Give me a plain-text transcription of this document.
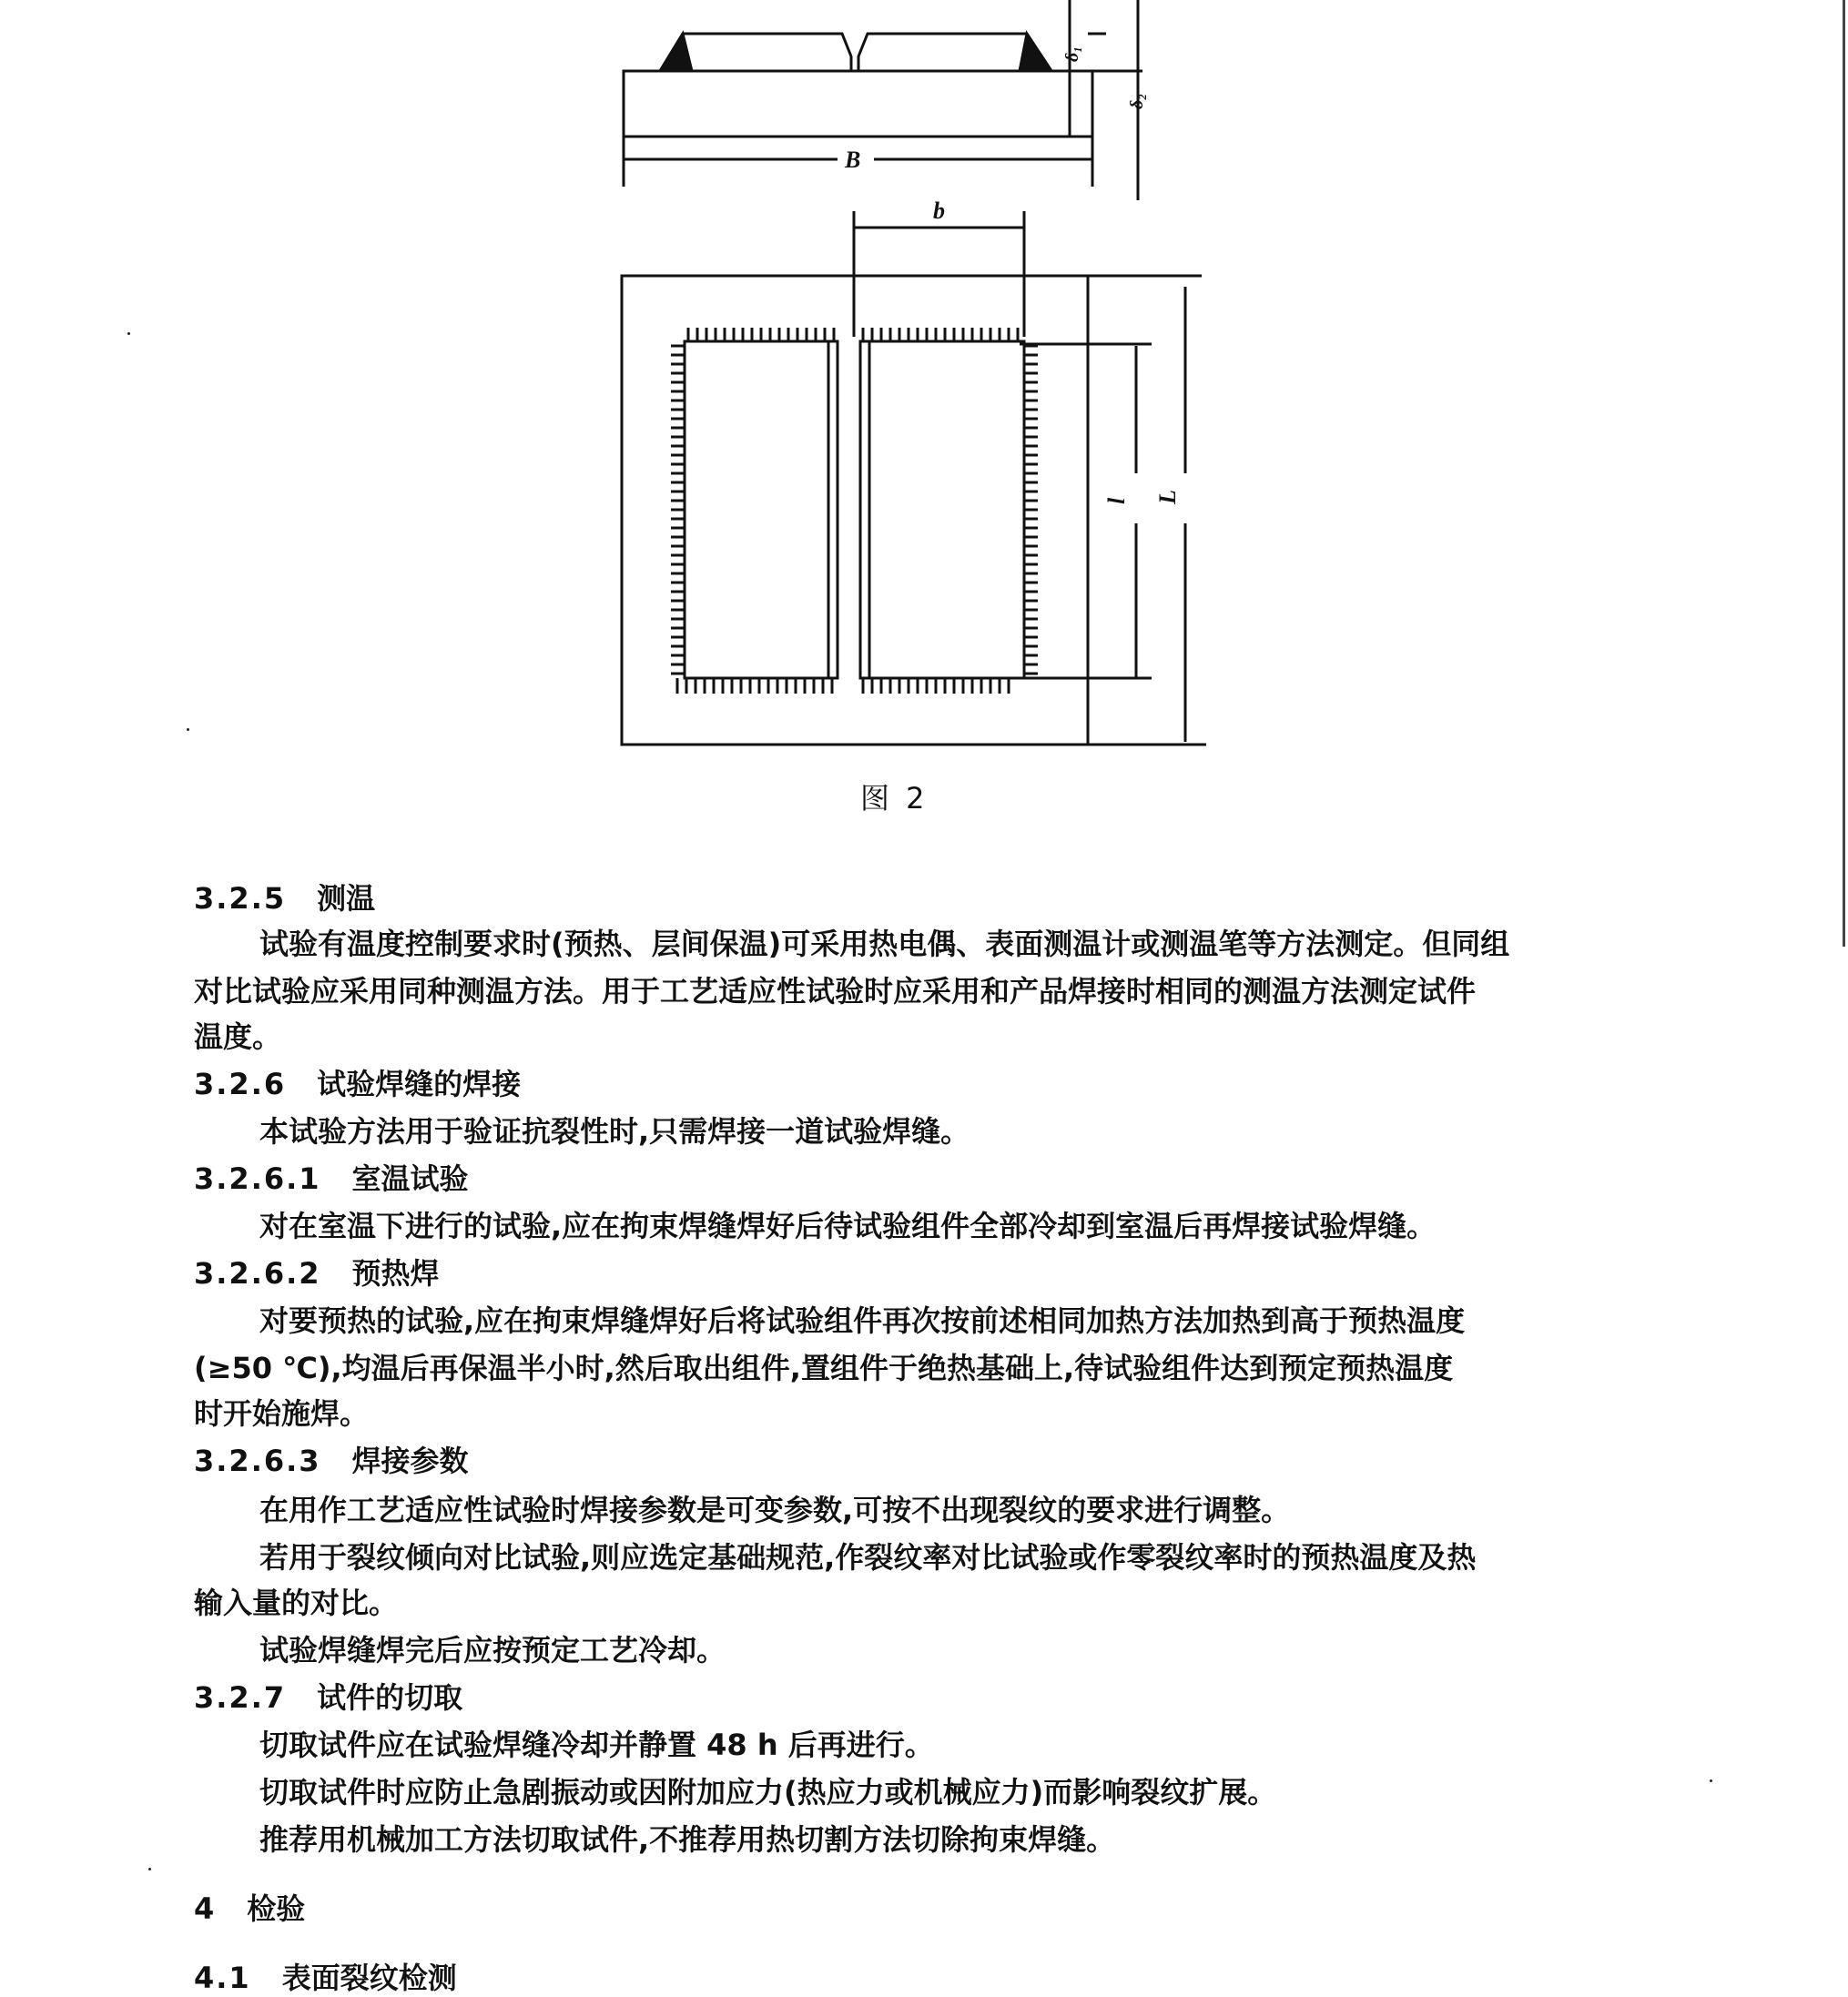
B
b
l L
δ₁
δ₂
图 2
3.2.5 测温
试验有温度控制要求时(预热、层间保温)可采用热电偶、表面测温计或测温笔等方法测定。但同组
对比试验应采用同种测温方法。用于工艺适应性试验时应采用和产品焊接时相同的测温方法测定试件
温度。
3.2.6 试验焊缝的焊接
本试验方法用于验证抗裂性时,只需焊接一道试验焊缝。
3.2.6.1 室温试验
对在室温下进行的试验,应在拘束焊缝焊好后待试验组件全部冷却到室温后再焊接试验焊缝。
3.2.6.2 预热焊
对要预热的试验,应在拘束焊缝焊好后将试验组件再次按前述相同加热方法加热到高于预热温度
(≥50 ℃),均温后再保温半小时,然后取出组件,置组件于绝热基础上,待试验组件达到预定预热温度
时开始施焊。
3.2.6.3 焊接参数
在用作工艺适应性试验时焊接参数是可变参数,可按不出现裂纹的要求进行调整。
若用于裂纹倾向对比试验,则应选定基础规范,作裂纹率对比试验或作零裂纹率时的预热温度及热
输入量的对比。
试验焊缝焊完后应按预定工艺冷却。
3.2.7 试件的切取
切取试件应在试验焊缝冷却并静置 48 h 后再进行。
切取试件时应防止急剧振动或因附加应力(热应力或机械应力)而影响裂纹扩展。
推荐用机械加工方法切取试件,不推荐用热切割方法切除拘束焊缝。
4 检验
4.1 表面裂纹检测
